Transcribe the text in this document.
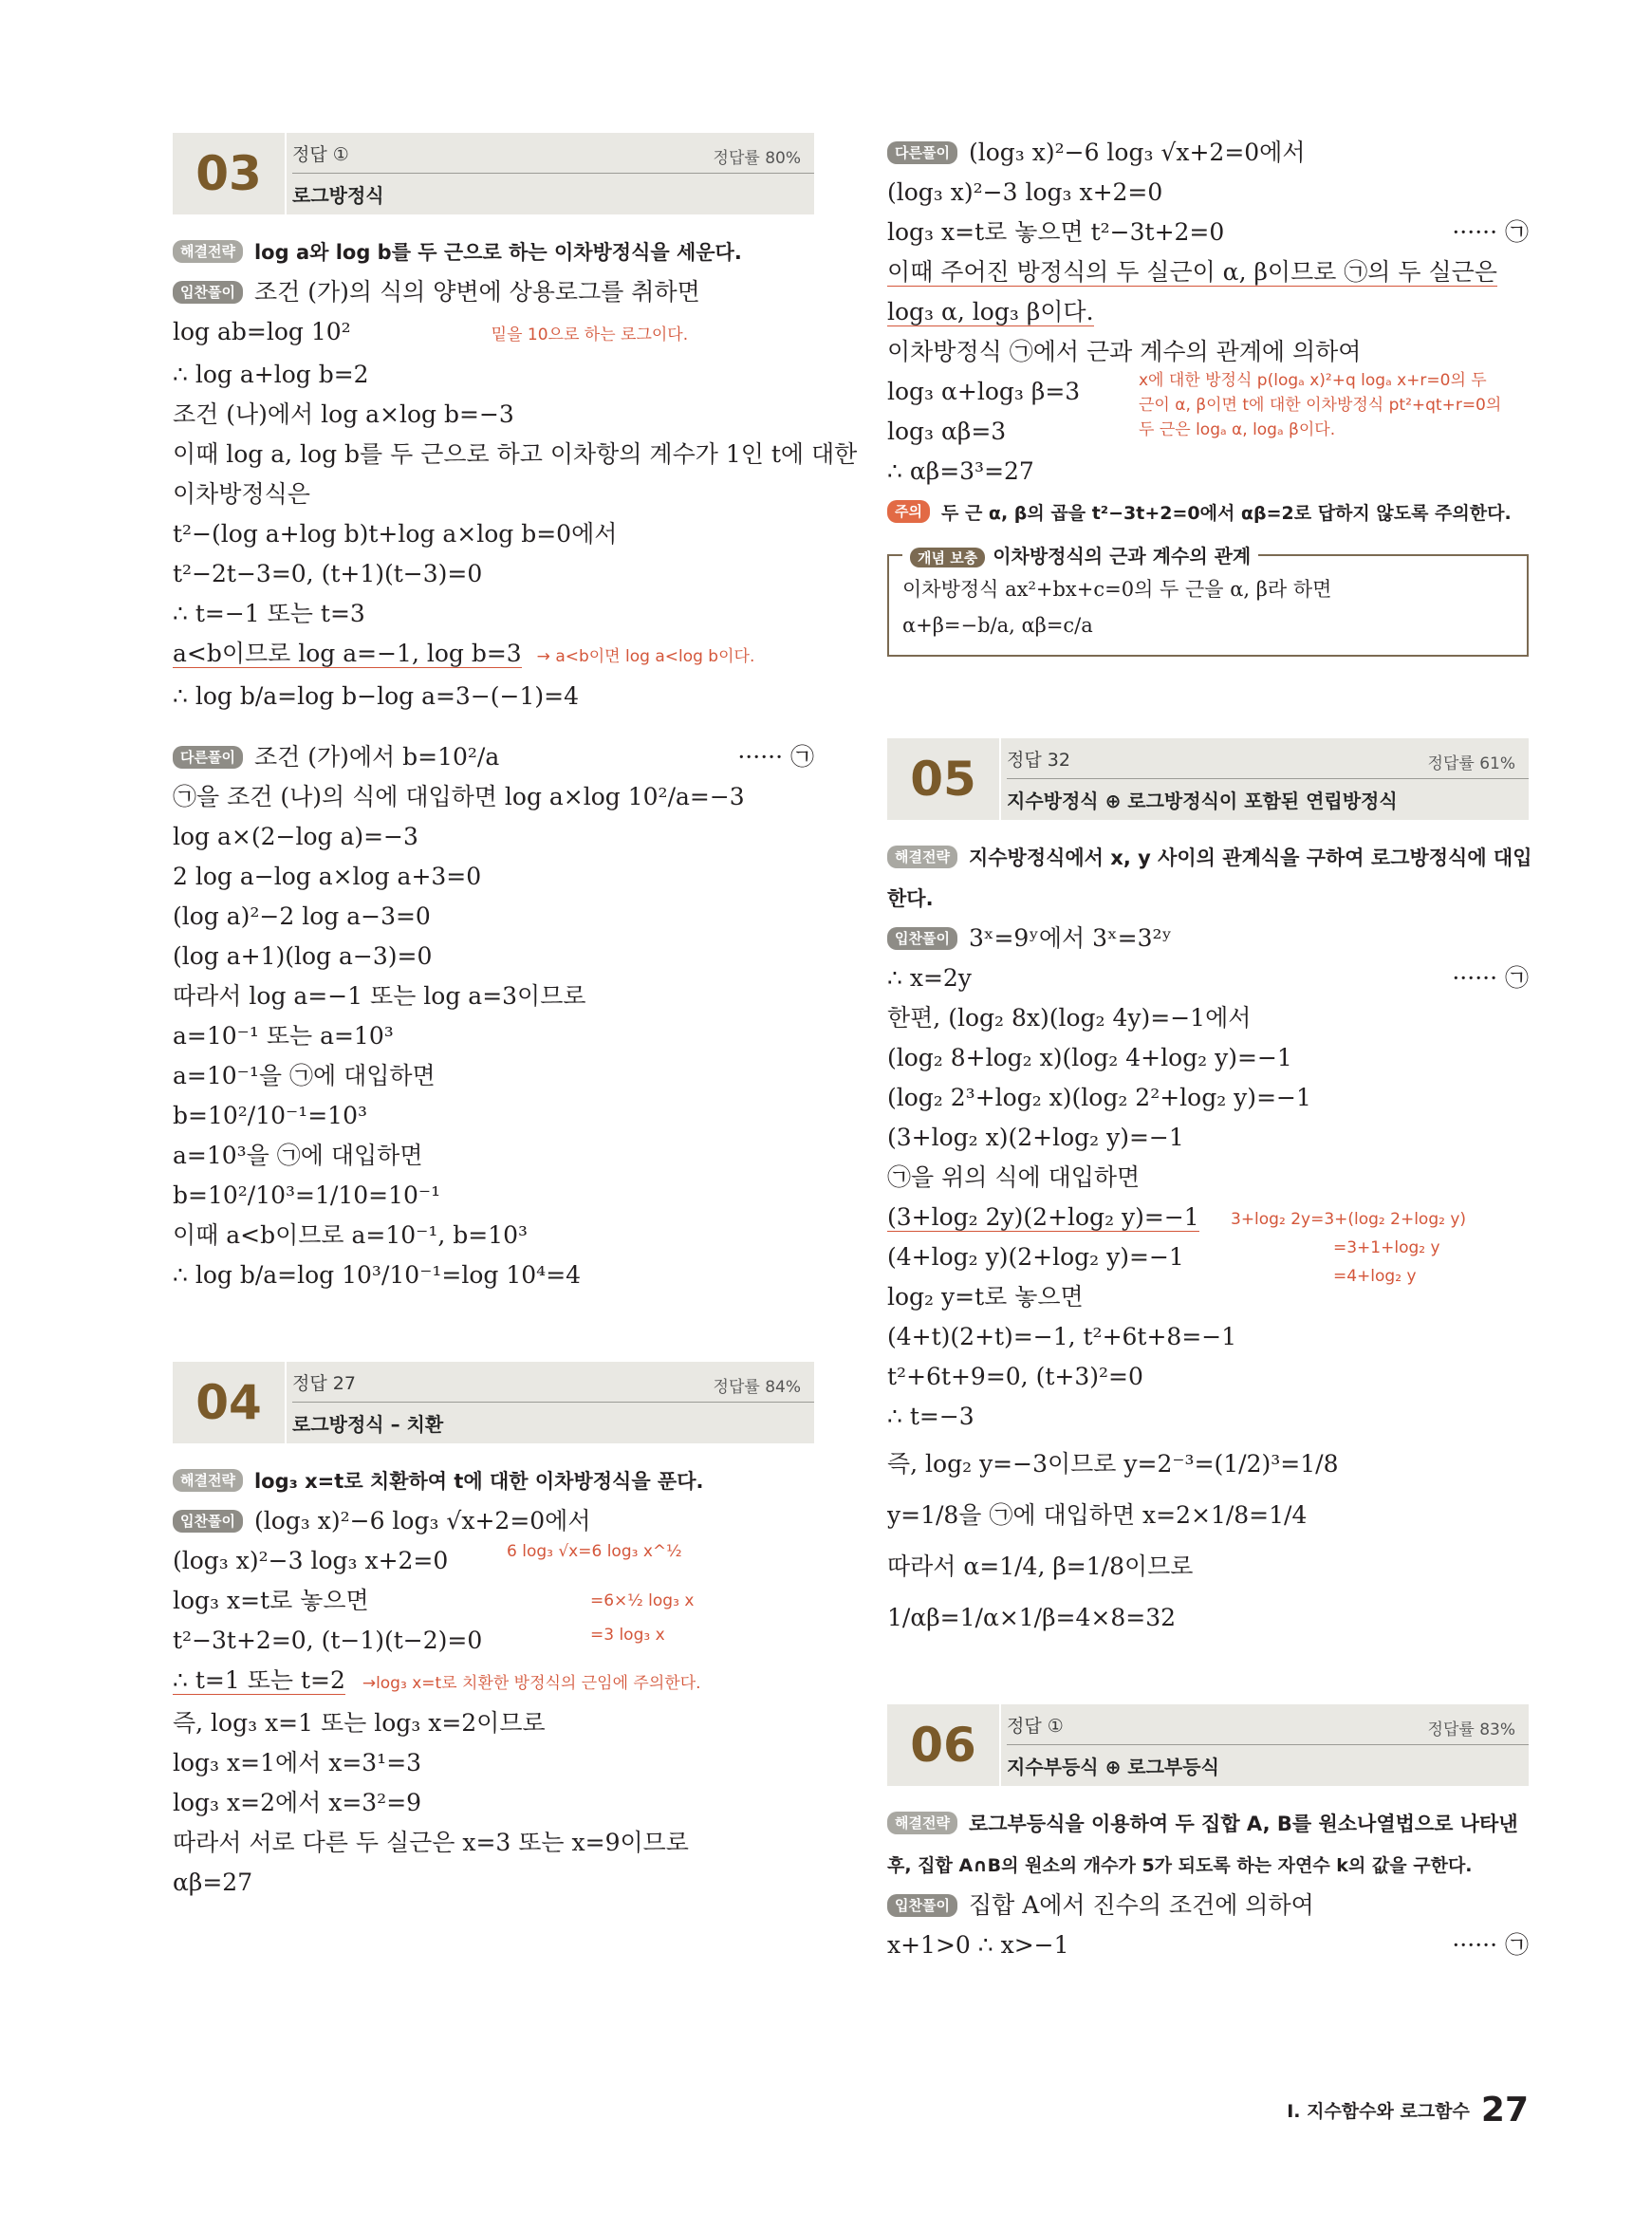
03	정답 ①	정답률 80%
로그방정식
해결전략 log a와 log b를 두 근으로 하는 이차방정식을 세운다.
입찬풀이 조건 (가)의 식의 양변에 상용로그를 취하면
log ab=log 10²	밑을 10으로 하는 로그이다.
∴ log a+log b=2
조건 (나)에서 log a×log b=−3
이때 log a, log b를 두 근으로 하고 이차항의 계수가 1인 t에 대한
이차방정식은
t²−(log a+log b)t+log a×log b=0에서
t²−2t−3=0, (t+1)(t−3)=0
∴ t=−1 또는 t=3
a<b이므로 log a=−1, log b=3 → a<b이면 log a<log b이다.
∴ log b/a=log b−log a=3−(−1)=4
다른풀이 조건 (가)에서 b=10²/a	······ ㉠
㉠을 조건 (나)의 식에 대입하면 log a×log 10²/a=−3
log a×(2−log a)=−3
2 log a−log a×log a+3=0
(log a)²−2 log a−3=0
(log a+1)(log a−3)=0
따라서 log a=−1 또는 log a=3이므로
a=10⁻¹ 또는 a=10³
a=10⁻¹을 ㉠에 대입하면
b=10²/10⁻¹=10³
a=10³을 ㉠에 대입하면
b=10²/10³=1/10=10⁻¹
이때 a<b이므로 a=10⁻¹, b=10³
∴ log b/a=log 10³/10⁻¹=log 10⁴=4
04	정답 27	정답률 84%
로그방정식 – 치환
해결전략 log₃ x=t로 치환하여 t에 대한 이차방정식을 푼다.
입찬풀이 (log₃ x)²−6 log₃ √x+2=0에서
(log₃ x)²−3 log₃ x+2=0	6 log₃ √x=6 log₃ x^½
log₃ x=t로 놓으면	=6×½ log₃ x
t²−3t+2=0, (t−1)(t−2)=0	=3 log₃ x
∴ t=1 또는 t=2 →log₃ x=t로 치환한 방정식의 근임에 주의한다.
즉, log₃ x=1 또는 log₃ x=2이므로
log₃ x=1에서 x=3¹=3
log₃ x=2에서 x=3²=9
따라서 서로 다른 두 실근은 x=3 또는 x=9이므로
αβ=27
다른풀이 (log₃ x)²−6 log₃ √x+2=0에서
(log₃ x)²−3 log₃ x+2=0
log₃ x=t로 놓으면 t²−3t+2=0	······ ㉠
이때 주어진 방정식의 두 실근이 α, β이므로 ㉠의 두 실근은
log₃ α, log₃ β이다.
이차방정식 ㉠에서 근과 계수의 관계에 의하여
log₃ α+log₃ β=3	x에 대한 방정식 p(logₐ x)²+q logₐ x+r=0의 두
근이 α, β이면 t에 대한 이차방정식 pt²+qt+r=0의
두 근은 logₐ α, logₐ β이다.
log₃ αβ=3
∴ αβ=3³=27
주의 두 근 α, β의 곱을 t²−3t+2=0에서 αβ=2로 답하지 않도록 주의한다.
개념 보충 이차방정식의 근과 계수의 관계
이차방정식 ax²+bx+c=0의 두 근을 α, β라 하면
α+β=−b/a, αβ=c/a
05	정답 32	정답률 61%
지수방정식 ⊕ 로그방정식이 포함된 연립방정식
해결전략 지수방정식에서 x, y 사이의 관계식을 구하여 로그방정식에 대입
한다.
입찬풀이 3ˣ=9ʸ에서 3ˣ=3²ʸ
∴ x=2y	······ ㉠
한편, (log₂ 8x)(log₂ 4y)=−1에서
(log₂ 8+log₂ x)(log₂ 4+log₂ y)=−1
(log₂ 2³+log₂ x)(log₂ 2²+log₂ y)=−1
(3+log₂ x)(2+log₂ y)=−1
㉠을 위의 식에 대입하면
(3+log₂ 2y)(2+log₂ y)=−1 3+log₂ 2y=3+(log₂ 2+log₂ y)
(4+log₂ y)(2+log₂ y)=−1	=3+1+log₂ y
=4+log₂ y
log₂ y=t로 놓으면
(4+t)(2+t)=−1, t²+6t+8=−1
t²+6t+9=0, (t+3)²=0
∴ t=−3
즉, log₂ y=−3이므로 y=2⁻³=(1/2)³=1/8
y=1/8을 ㉠에 대입하면 x=2×1/8=1/4
따라서 α=1/4, β=1/8이므로
1/αβ=1/α×1/β=4×8=32
06	정답 ①	정답률 83%
지수부등식 ⊕ 로그부등식
해결전략 로그부등식을 이용하여 두 집합 A, B를 원소나열법으로 나타낸
후, 집합 A∩B의 원소의 개수가 5가 되도록 하는 자연수 k의 값을 구한다.
입찬풀이 집합 A에서 진수의 조건에 의하여
x+1>0 ∴ x>−1	······ ㉠
Ⅰ. 지수함수와 로그함수 27
